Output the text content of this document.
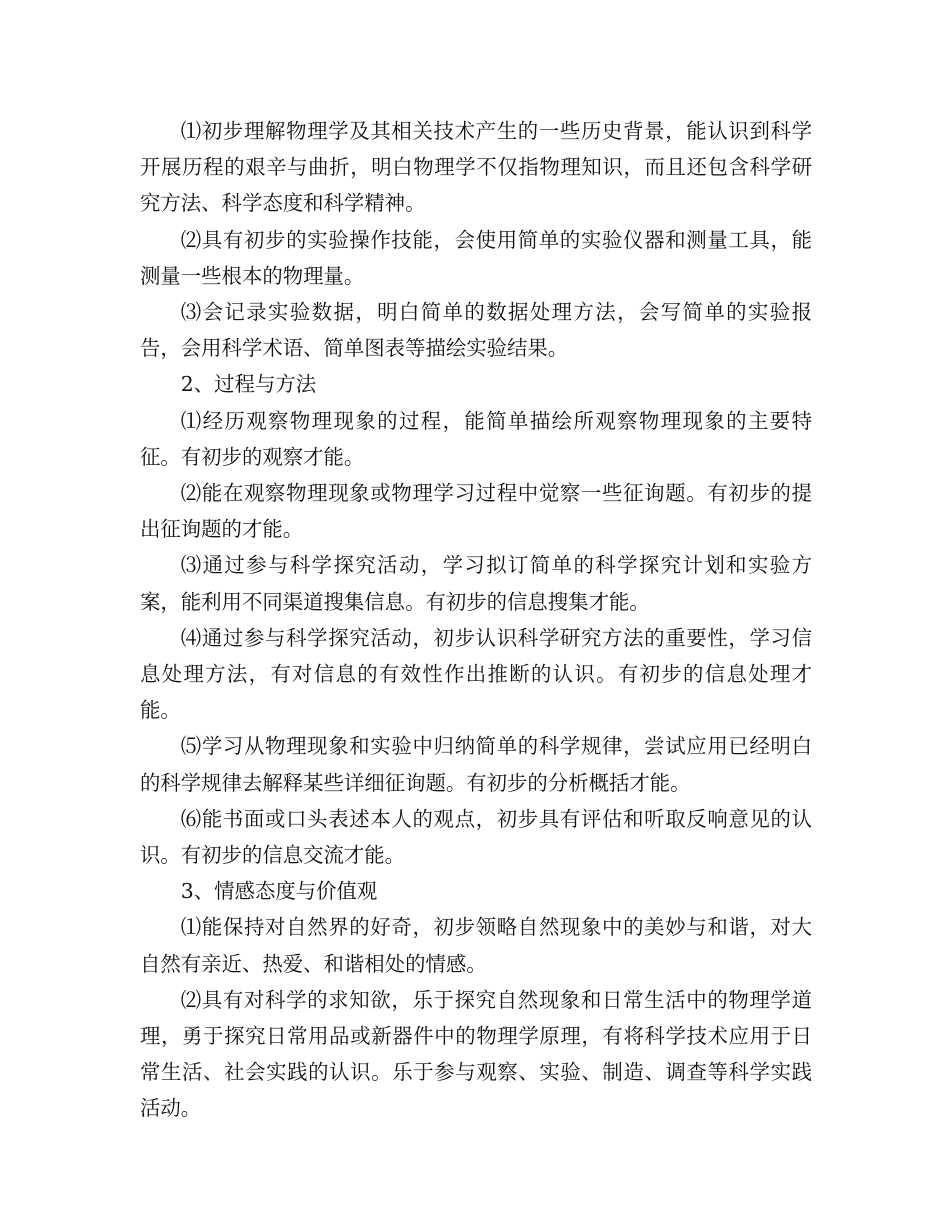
⑴初步理解物理学及其相关技术产生的一些历史背景，能认识到科学开展历程的艰辛与曲折，明白物理学不仅指物理知识，而且还包含科学研究方法、科学态度和科学精神。

⑵具有初步的实验操作技能，会使用简单的实验仪器和测量工具，能测量一些根本的物理量。

⑶会记录实验数据，明白简单的数据处理方法，会写简单的实验报告，会用科学术语、简单图表等描绘实验结果。

2、过程与方法

⑴经历观察物理现象的过程，能简单描绘所观察物理现象的主要特征。有初步的观察才能。

⑵能在观察物理现象或物理学习过程中觉察一些征询题。有初步的提出征询题的才能。

⑶通过参与科学探究活动，学习拟订简单的科学探究计划和实验方案，能利用不同渠道搜集信息。有初步的信息搜集才能。

⑷通过参与科学探究活动，初步认识科学研究方法的重要性，学习信息处理方法，有对信息的有效性作出推断的认识。有初步的信息处理才能。

⑸学习从物理现象和实验中归纳简单的科学规律，尝试应用已经明白的科学规律去解释某些详细征询题。有初步的分析概括才能。

⑹能书面或口头表述本人的观点，初步具有评估和听取反响意见的认识。有初步的信息交流才能。

3、情感态度与价值观

⑴能保持对自然界的好奇，初步领略自然现象中的美妙与和谐，对大自然有亲近、热爱、和谐相处的情感。

⑵具有对科学的求知欲，乐于探究自然现象和日常生活中的物理学道理，勇于探究日常用品或新器件中的物理学原理，有将科学技术应用于日常生活、社会实践的认识。乐于参与观察、实验、制造、调查等科学实践活动。
